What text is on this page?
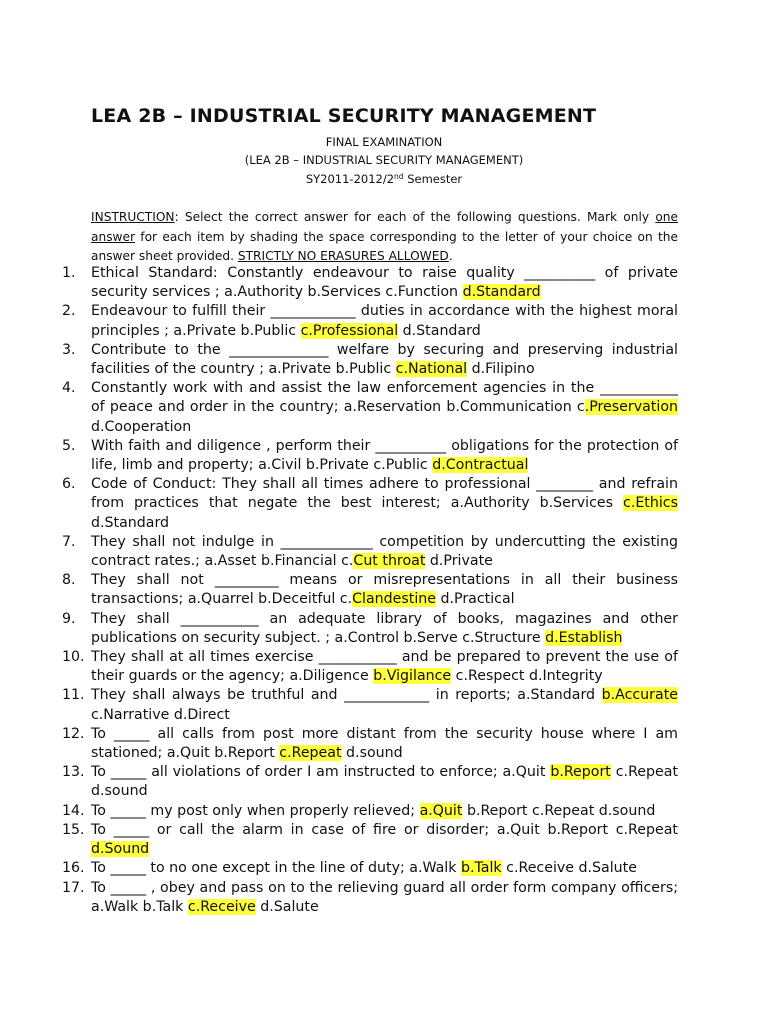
LEA 2B – INDUSTRIAL SECURITY MANAGEMENT
FINAL EXAMINATION
(LEA 2B – INDUSTRIAL SECURITY MANAGEMENT)
SY2011-2012/2nd Semester
INSTRUCTION: Select the correct answer for each of the following questions. Mark only one answer for each item by shading the space corresponding to the letter of your choice on the answer sheet provided. STRICTLY NO ERASURES ALLOWED.
1. Ethical Standard: Constantly endeavour to raise quality __________ of private security services ; a.Authority b.Services c.Function d.Standard
2. Endeavour to fulfill their ____________ duties in accordance with the highest moral principles ; a.Private b.Public c.Professional d.Standard
3. Contribute to the ______________ welfare by securing and preserving industrial facilities of the country ; a.Private b.Public c.National d.Filipino
4. Constantly work with and assist the law enforcement agencies in the ___________ of peace and order in the country; a.Reservation b.Communication c.Preservation d.Cooperation
5. With faith and diligence , perform their __________ obligations for the protection of life, limb and property; a.Civil b.Private c.Public d.Contractual
6. Code of Conduct: They shall all times adhere to professional ________ and refrain from practices that negate the best interest; a.Authority b.Services c.Ethics d.Standard
7. They shall not indulge in _____________ competition by undercutting the existing contract rates.; a.Asset b.Financial c.Cut throat d.Private
8. They shall not _________ means or misrepresentations in all their business transactions; a.Quarrel b.Deceitful c.Clandestine d.Practical
9. They shall ___________ an adequate library of books, magazines and other publications on security subject. ; a.Control b.Serve c.Structure d.Establish
10. They shall at all times exercise ___________ and be prepared to prevent the use of their guards or the agency; a.Diligence b.Vigilance c.Respect d.Integrity
11. They shall always be truthful and ____________ in reports; a.Standard b.Accurate c.Narrative d.Direct
12. To _____ all calls from post more distant from the security house where I am stationed; a.Quit b.Report c.Repeat d.sound
13. To _____ all violations of order I am instructed to enforce; a.Quit b.Report c.Repeat d.sound
14. To _____ my post only when properly relieved; a.Quit b.Report c.Repeat d.sound
15. To _____ or call the alarm in case of fire or disorder; a.Quit b.Report c.Repeat d.Sound
16. To _____ to no one except in the line of duty; a.Walk b.Talk c.Receive d.Salute
17. To _____ , obey and pass on to the relieving guard all order form company officers; a.Walk b.Talk c.Receive d.Salute
